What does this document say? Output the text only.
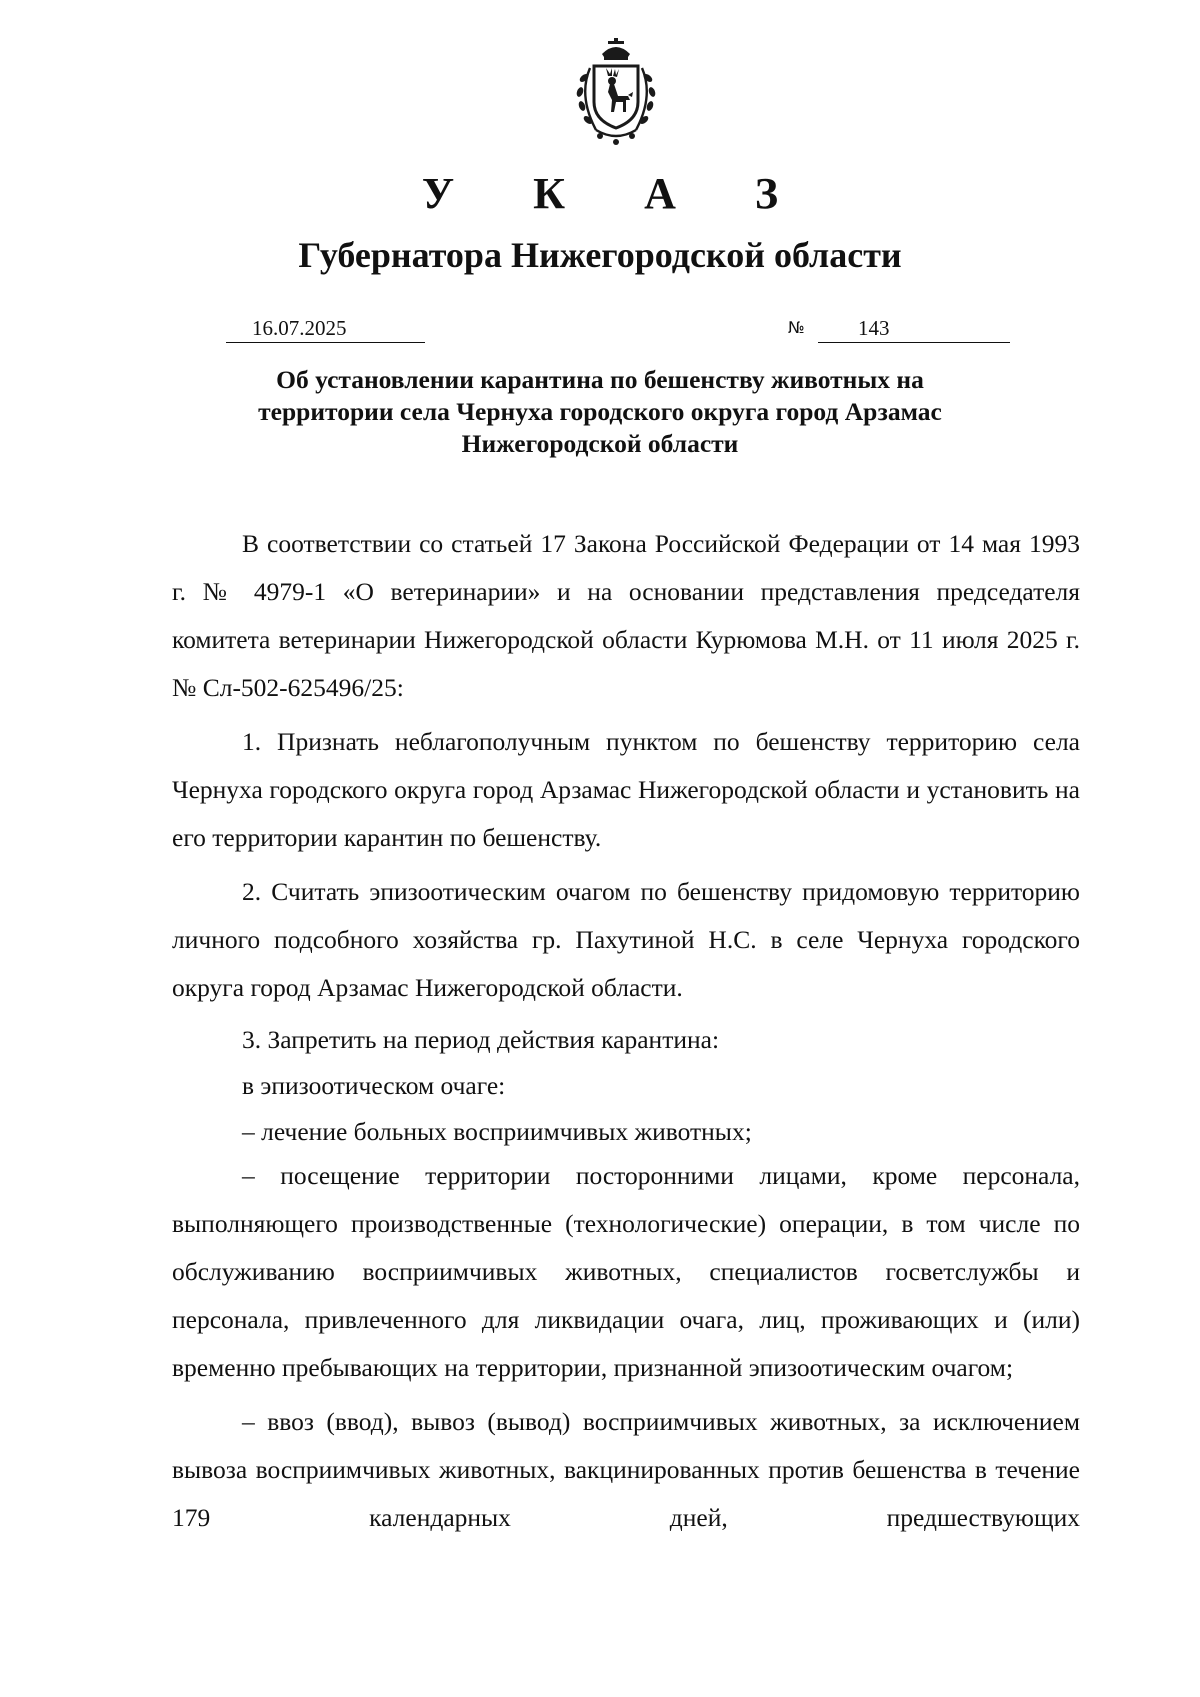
У К А З
Губернатора Нижегородской области
16.07.2025	№	143
Об установлении карантина по бешенству животных на
территории села Чернуха городского округа город Арзамас
Нижегородской области

В соответствии со статьей 17 Закона Российской Федерации от 14 мая 1993 г. № 4979-1 «О ветеринарии» и на основании представления председателя комитета ветеринарии Нижегородской области Курюмова М.Н. от 11 июля 2025 г. № Сл-502-625496/25:

1. Признать неблагополучным пунктом по бешенству территорию села Чернуха городского округа город Арзамас Нижегородской области и установить на его территории карантин по бешенству.

2. Считать эпизоотическим очагом по бешенству придомовую территорию личного подсобного хозяйства гр. Пахутиной Н.С. в селе Чернуха городского округа город Арзамас Нижегородской области.

3. Запретить на период действия карантина:

в эпизоотическом очаге:

– лечение больных восприимчивых животных;

– посещение территории посторонними лицами, кроме персонала, выполняющего производственные (технологические) операции, в том числе по обслуживанию восприимчивых животных, специалистов госветслужбы и персонала, привлеченного для ликвидации очага, лиц, проживающих и (или) временно пребывающих на территории, признанной эпизоотическим очагом;

– ввоз (ввод), вывоз (вывод) восприимчивых животных, за исключением вывоза восприимчивых животных, вакцинированных против бешенства в течение 179 календарных дней, предшествующих
